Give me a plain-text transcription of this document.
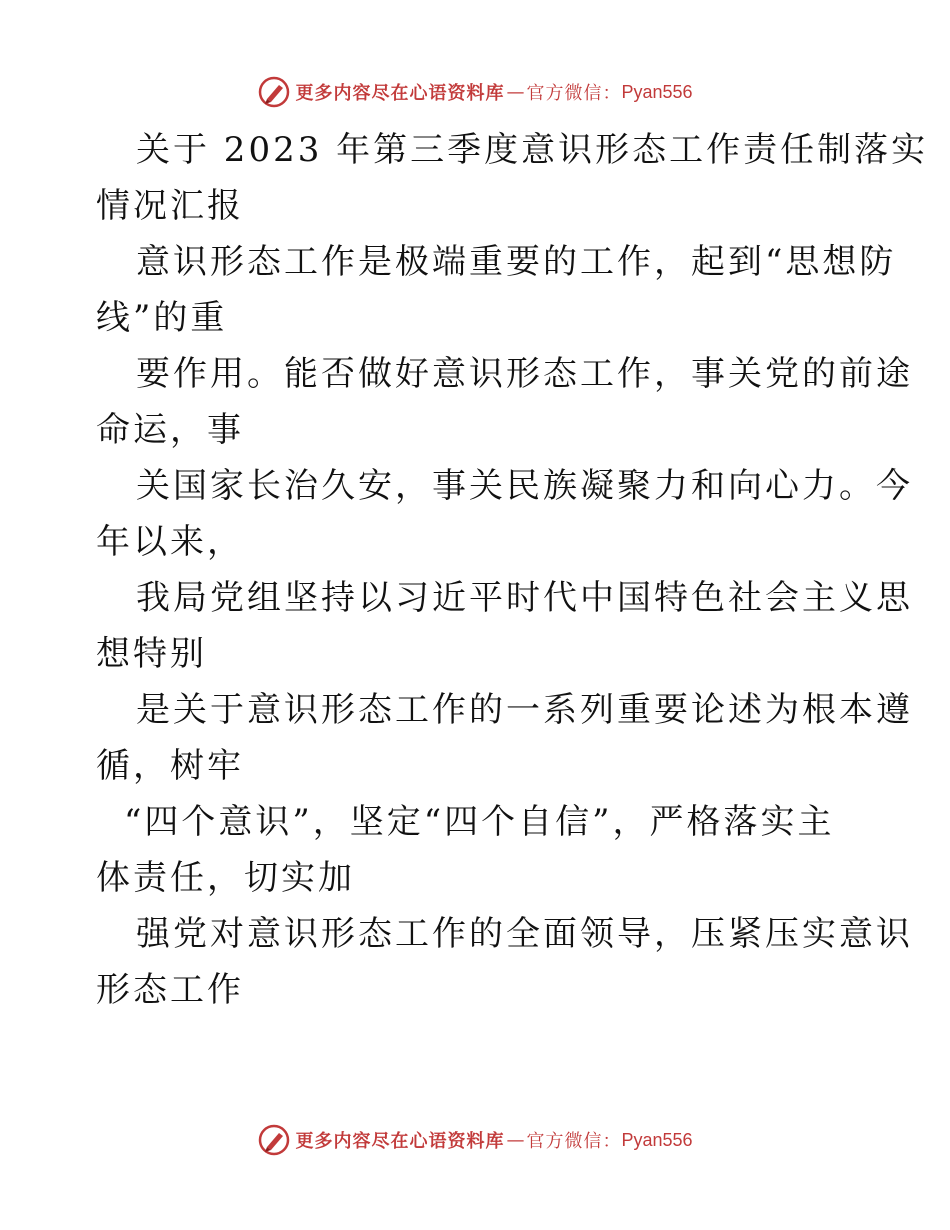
更多内容尽在心语资料库 — 官方微信： Pyan556
关于 2023 年第三季度意识形态工作责任制落实
情况汇报
意识形态工作是极端重要的工作，起到“思想防
线”的重
要作用。能否做好意识形态工作，事关党的前途
命运，事
关国家长治久安，事关民族凝聚力和向心力。今
年以来，
我局党组坚持以习近平时代中国特色社会主义思
想特别
是关于意识形态工作的一系列重要论述为根本遵
循，树牢
“四个意识”，坚定“四个自信”，严格落实主
体责任，切实加
强党对意识形态工作的全面领导，压紧压实意识
形态工作
更多内容尽在心语资料库 — 官方微信： Pyan556
